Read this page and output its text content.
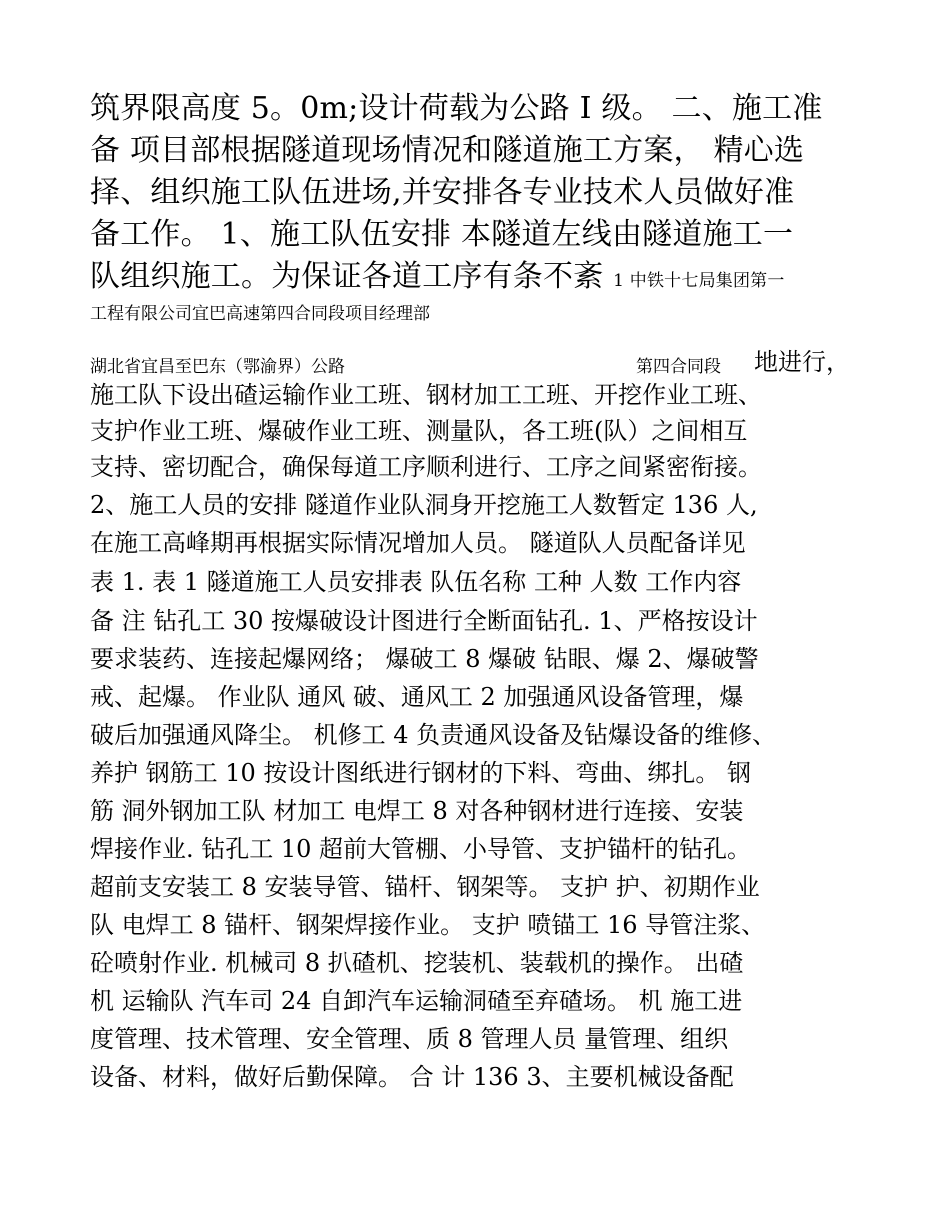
筑界限高度 5。0m;设计荷载为公路 I 级。 二、施工准
备 项目部根据隧道现场情况和隧道施工方案， 精心选
择、组织施工队伍进场,并安排各专业技术人员做好准
备工作。 1、施工队伍安排 本隧道左线由隧道施工一
队组织施工。为保证各道工序有条不紊 1 中铁十七局集团第一
工程有限公司宜巴高速第四合同段项目经理部
湖北省宜昌至巴东（鄂渝界）公路	第四合同段 地进行，
施工队下设出碴运输作业工班、钢材加工工班、开挖作业工班、
支护作业工班、爆破作业工班、测量队，各工班(队）之间相互
支持、密切配合，确保每道工序顺利进行、工序之间紧密衔接。
2、施工人员的安排 隧道作业队洞身开挖施工人数暂定 136 人,
在施工高峰期再根据实际情况增加人员。 隧道队人员配备详见
表 1. 表 1 隧道施工人员安排表 队伍名称 工种 人数 工作内容
备 注 钻孔工 30 按爆破设计图进行全断面钻孔. 1、严格按设计
要求装药、连接起爆网络； 爆破工 8 爆破 钻眼、爆 2、爆破警
戒、起爆。 作业队 通风 破、通风工 2 加强通风设备管理，爆
破后加强通风降尘。 机修工 4 负责通风设备及钻爆设备的维修、
养护 钢筋工 10 按设计图纸进行钢材的下料、弯曲、绑扎。 钢
筋 洞外钢加工队 材加工 电焊工 8 对各种钢材进行连接、安装
焊接作业. 钻孔工 10 超前大管棚、小导管、支护锚杆的钻孔。
超前支安装工 8 安装导管、锚杆、钢架等。 支护 护、初期作业
队 电焊工 8 锚杆、钢架焊接作业。 支护 喷锚工 16 导管注浆、
砼喷射作业. 机械司 8 扒碴机、挖装机、装载机的操作。 出碴
机 运输队 汽车司 24 自卸汽车运输洞碴至弃碴场。 机 施工进
度管理、技术管理、安全管理、质 8 管理人员 量管理、组织
设备、材料，做好后勤保障。 合 计 136 3、主要机械设备配
